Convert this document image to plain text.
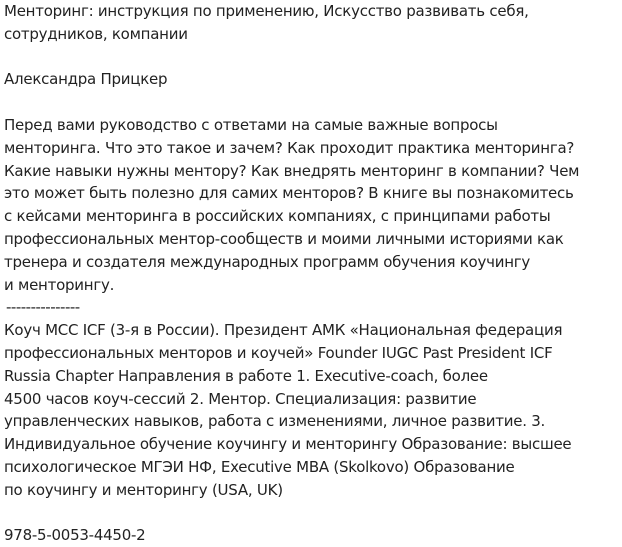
Менторинг: инструкция по применению, Искусство развивать себя,
сотрудников, компании
Александра Прицкер
Перед вами руководство с ответами на самые важные вопросы
менторинга. Что это такое и зачем? Как проходит практика менторинга?
Какие навыки нужны ментору? Как внедрять менторинг в компании? Чем
это может быть полезно для самих менторов? В книге вы познакомитесь
с кейсами менторинга в российских компаниях, с принципами работы
профессиональных ментор-сообществ и моими личными историями как
тренера и создателя международных программ обучения коучингу
и менторингу.
---------------
Коуч MCC ICF (3-я в России). Президент АМК «Национальная федерация
профессиональных менторов и коучей» Founder IUGC Past President ICF
Russia Chapter Направления в работе 1. Executive-coach, более
4500 часов коуч-сессий 2. Ментор. Специализация: развитие
управленческих навыков, работа с изменениями, личное развитие. 3.
Индивидуальное обучение коучингу и менторингу Образование: высшее
психологическое МГЭИ НФ, Executive MBA (Skolkovo) Образование
по коучингу и менторингу (USA, UK)
978-5-0053-4450-2
